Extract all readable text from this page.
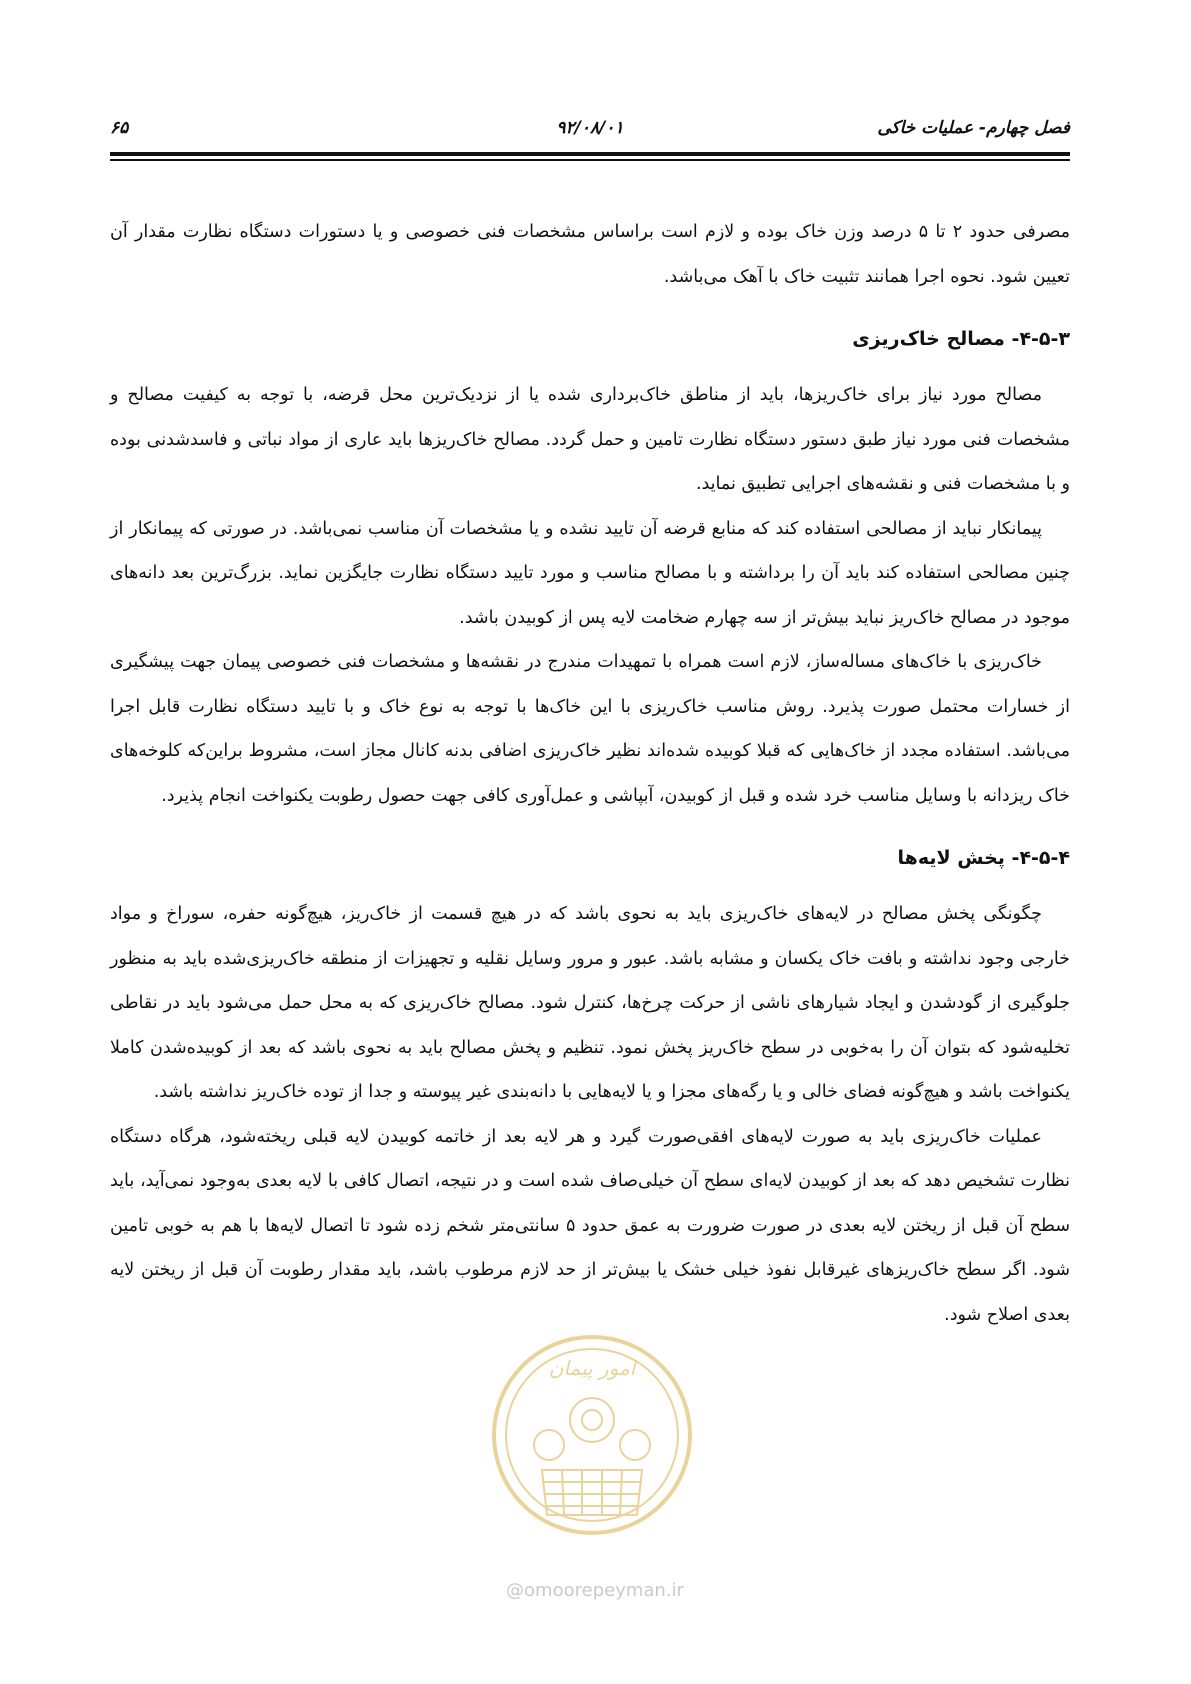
فصل چهارم- عملیات خاکی
۹۲/۰۸/۰۱
۶۵

مصرفی حدود ۲ تا ۵ درصد وزن خاک بوده و لازم است براساس مشخصات فنی خصوصی و یا دستورات دستگاه نظارت مقدار آن تعیین شود. نحوه اجرا همانند تثبیت خاک با آهک می‌باشد.

۴-۵-۳- مصالح خاک‌ریزی

مصالح مورد نیاز برای خاک‌ریزها، باید از مناطق خاک‌برداری شده یا از نزدیک‌ترین محل قرضه، با توجه به کیفیت مصالح و مشخصات فنی مورد نیاز طبق دستور دستگاه نظارت تامین و حمل گردد. مصالح خاک‌ریزها باید عاری از مواد نباتی و فاسدشدنی بوده و با مشخصات فنی و نقشه‌های اجرایی تطبیق نماید.

پیمانکار نباید از مصالحی استفاده کند که منابع قرضه آن تایید نشده و یا مشخصات آن مناسب نمی‌باشد. در صورتی که پیمانکار از چنین مصالحی استفاده کند باید آن را برداشته و با مصالح مناسب و مورد تایید دستگاه نظارت جایگزین نماید. بزرگ‌ترین بعد دانه‌های موجود در مصالح خاک‌ریز نباید بیش‌تر از سه چهارم ضخامت لایه پس از کوبیدن باشد.

خاک‌ریزی با خاک‌های مساله‌ساز، لازم است همراه با تمهیدات مندرج در نقشه‌ها و مشخصات فنی خصوصی پیمان جهت پیشگیری از خسارات محتمل صورت پذیرد. روش مناسب خاک‌ریزی با این خاک‌ها با توجه به نوع خاک و با تایید دستگاه نظارت قابل اجرا می‌باشد. استفاده مجدد از خاک‌هایی که قبلا کوبیده شده‌اند نظیر خاک‌ریزی اضافی بدنه کانال مجاز است، مشروط براین‌که کلوخه‌های خاک ریزدانه با وسایل مناسب خرد شده و قبل از کوبیدن، آبپاشی و عمل‌آوری کافی جهت حصول رطوبت یکنواخت انجام پذیرد.

۴-۵-۴- پخش لایه‌ها

چگونگی پخش مصالح در لایه‌های خاک‌ریزی باید به نحوی باشد که در هیچ قسمت از خاک‌ریز، هیچ‌گونه حفره، سوراخ و مواد خارجی وجود نداشته و بافت خاک یکسان و مشابه باشد. عبور و مرور وسایل نقلیه و تجهیزات از منطقه خاک‌ریزی‌شده باید به منظور جلوگیری از گودشدن و ایجاد شیارهای ناشی از حرکت چرخ‌ها، کنترل شود. مصالح خاک‌ریزی که به محل حمل می‌شود باید در نقاطی تخلیه‌شود که بتوان آن را به‌خوبی در سطح خاک‌ریز پخش نمود. تنظیم و پخش مصالح باید به نحوی باشد که بعد از کوبیده‌شدن کاملا یکنواخت باشد و هیچ‌گونه فضای خالی و یا رگه‌های مجزا و یا لایه‌هایی با دانه‌بندی غیر پیوسته و جدا از توده خاک‌ریز نداشته باشد.

عملیات خاک‌ریزی باید به صورت لایه‌های افقی‌صورت گیرد و هر لایه بعد از خاتمه کوبیدن لایه قبلی ریخته‌شود، هرگاه دستگاه نظارت تشخیص دهد که بعد از کوبیدن لایه‌ای سطح آن خیلی‌صاف شده است و در نتیجه، اتصال کافی با لایه بعدی به‌وجود نمی‌آید، باید سطح آن قبل از ریختن لایه بعدی در صورت ضرورت به عمق حدود ۵ سانتی‌متر شخم زده شود تا اتصال لایه‌ها با هم به خوبی تامین شود. اگر سطح خاک‌ریزهای غیرقابل نفوذ خیلی خشک یا بیش‌تر از حد لازم مرطوب باشد، باید مقدار رطوبت آن قبل از ریختن لایه بعدی اصلاح شود.

امور پیمان
@omoorepeyman.ir
